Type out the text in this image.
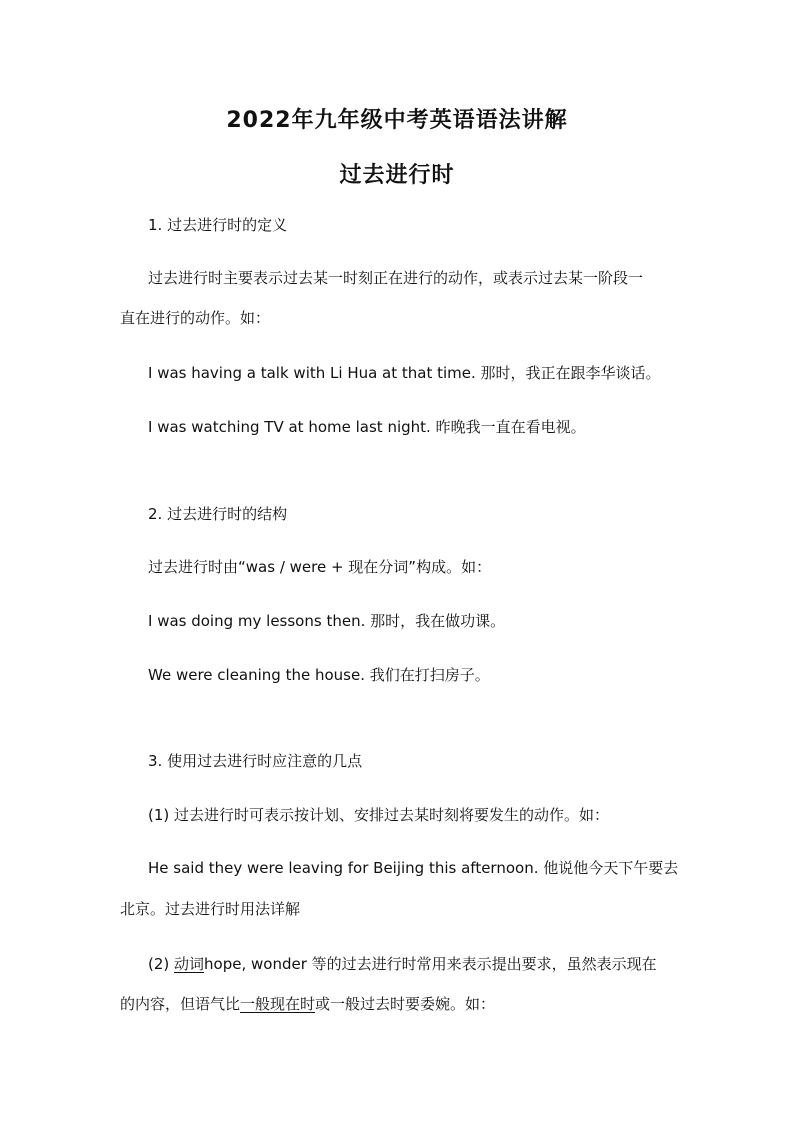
2022年九年级中考英语语法讲解
过去进行时
1. 过去进行时的定义
过去进行时主要表示过去某一时刻正在进行的动作，或表示过去某一阶段一
直在进行的动作。如：
I was having a talk with Li Hua at that time. 那时，我正在跟李华谈话。
I was watching TV at home last night. 昨晚我一直在看电视。
2. 过去进行时的结构
过去进行时由“was / were + 现在分词”构成。如：
I was doing my lessons then. 那时，我在做功课。
We were cleaning the house. 我们在打扫房子。
3. 使用过去进行时应注意的几点
(1) 过去进行时可表示按计划、安排过去某时刻将要发生的动作。如：
He said they were leaving for Beijing this afternoon. 他说他今天下午要去
北京。过去进行时用法详解
(2) 动词hope, wonder 等的过去进行时常用来表示提出要求，虽然表示现在
的内容，但语气比一般现在时或一般过去时要委婉。如：
